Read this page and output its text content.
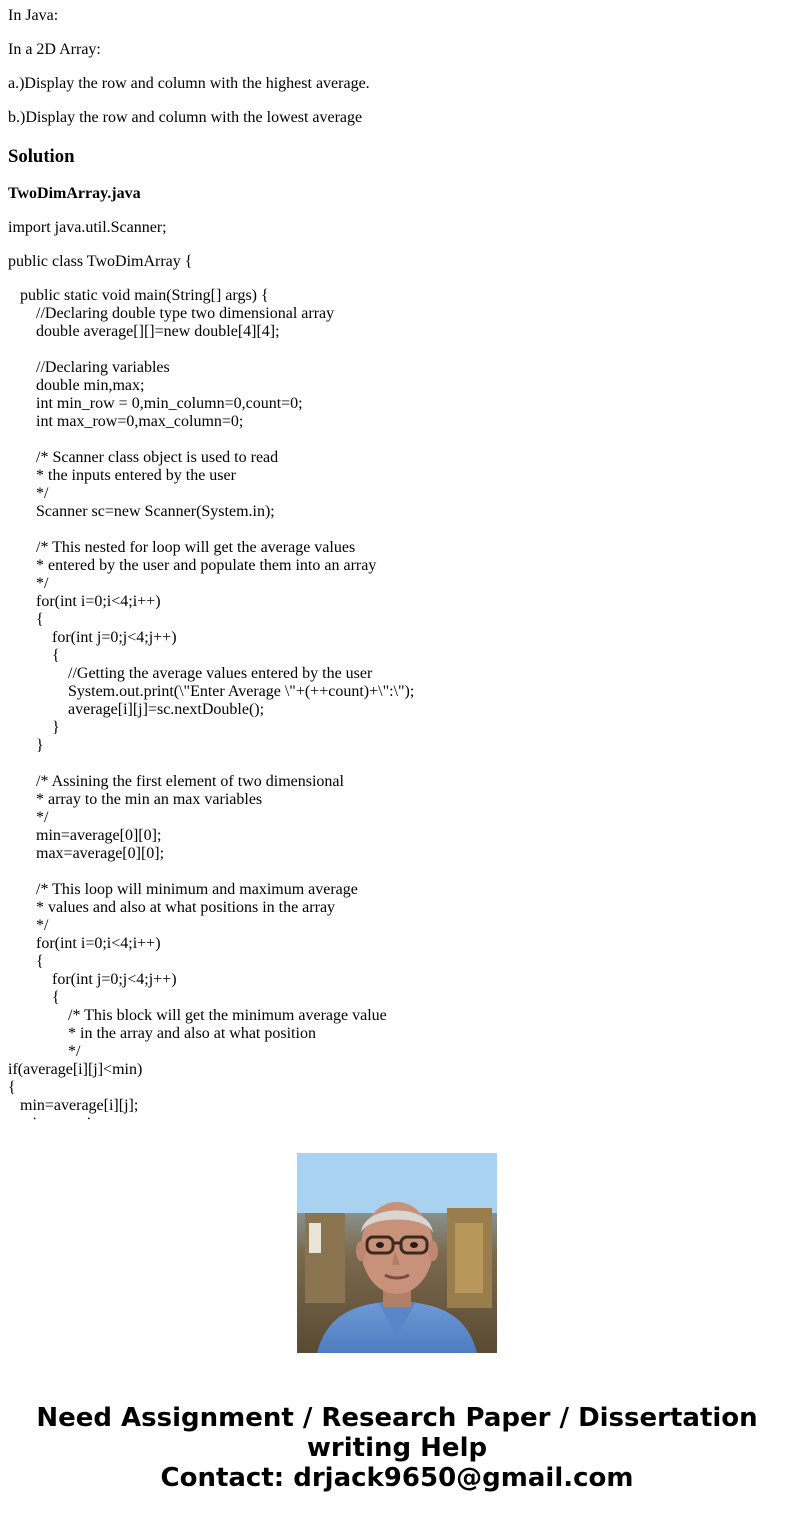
In Java:

In a 2D Array:

a.)Display the row and column with the highest average.

b.)Display the row and column with the lowest average

Solution

TwoDimArray.java

import java.util.Scanner;

public class TwoDimArray {

public static void main(String[] args) {
//Declaring double type two dimensional array
double average[][]=new double[4][4];
//Declaring variables
double min,max;
int min_row = 0,min_column=0,count=0;
int max_row=0,max_column=0;
/* Scanner class object is used to read
* the inputs entered by the user
*/
Scanner sc=new Scanner(System.in);
/* This nested for loop will get the average values
* entered by the user and populate them into an array
*/
for(int i=0;i<4;i++)
{
for(int j=0;j<4;j++)
{
//Getting the average values entered by the user
System.out.print(\"Enter Average \"+(++count)+\":\");
average[i][j]=sc.nextDouble();
}
}
/* Assining the first element of two dimensional
* array to the min an max variables
*/
min=average[0][0];
max=average[0][0];
/* This loop will minimum and maximum average
* values and also at what positions in the array
*/
for(int i=0;i<4;i++)
{
for(int j=0;j<4;j++)
{
/* This block will get the minimum average value
* in the array and also at what position
*/
if(average[i][j]<min)
{
min=average[i][j];
Need Assignment / Research Paper / Dissertation
writing Help
Contact: drjack9650@gmail.com
